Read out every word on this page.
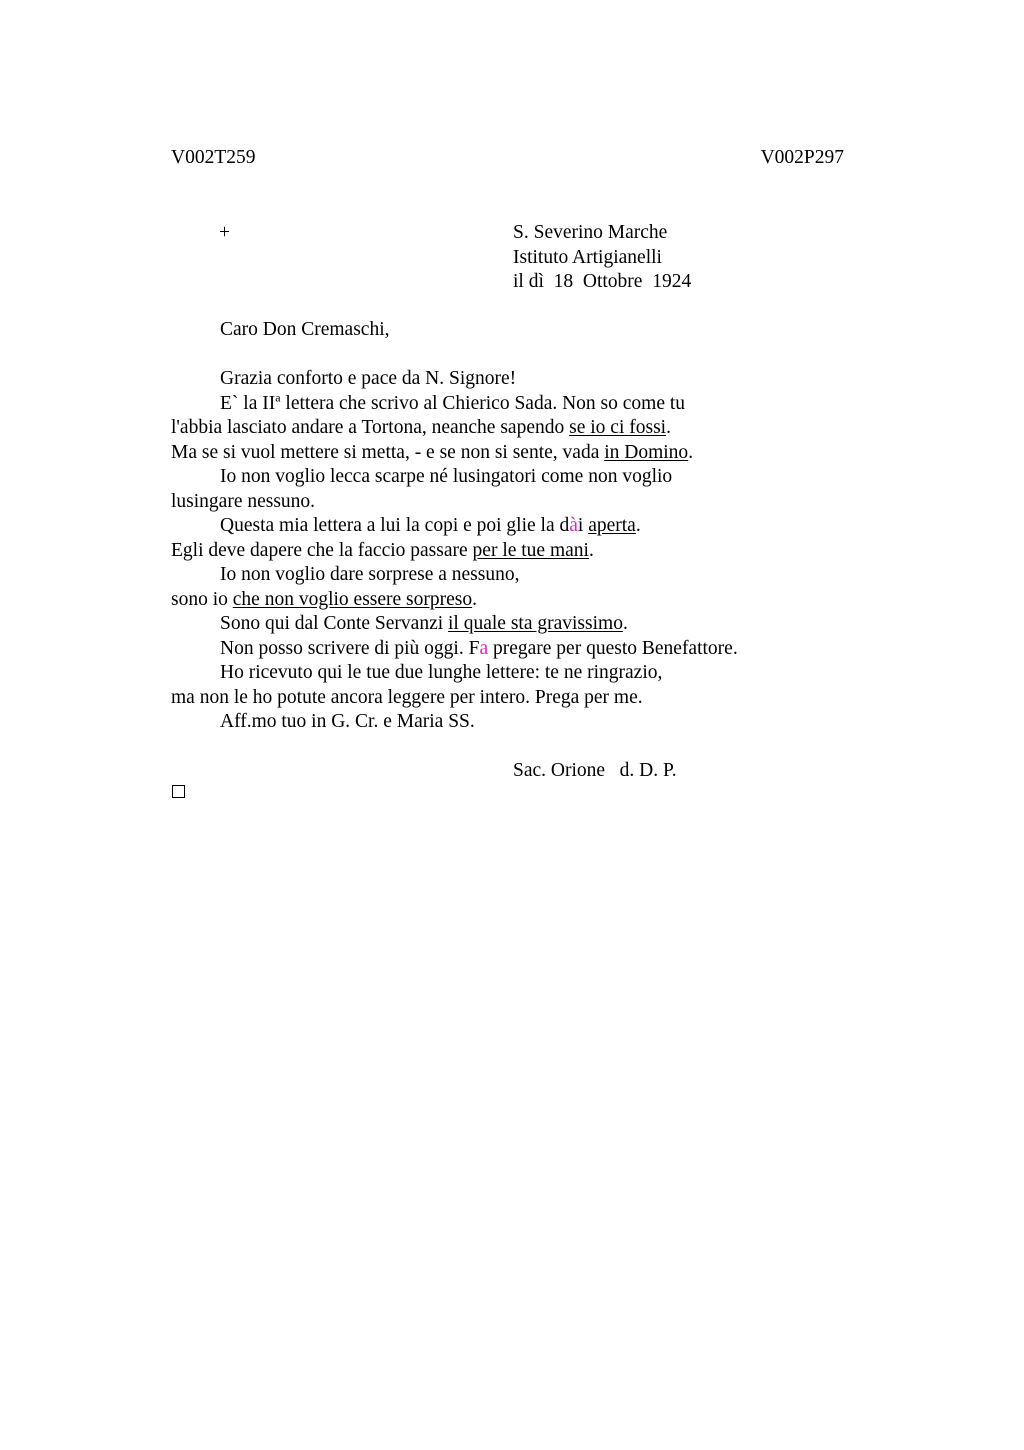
V002T259	V002P297
+	S. Severino Marche
Istituto Artigianelli
il dì  18  Ottobre  1924
Caro Don Cremaschi,
Grazia conforto e pace da N. Signore!
E` la $II^a$ lettera che scrivo al Chierico Sada. Non so come tu
l'abbia lasciato andare a Tortona, neanche sapendo se io ci fossi.
Ma se si vuol mettere si metta, - e se non si sente, vada in Domino.
Io non voglio lecca scarpe né lusingatori come non voglio
lusingare nessuno.
Questa mia lettera a lui la copi e poi glie la dài aperta.
Egli deve dapere che la faccio passare per le tue mani.
Io non voglio dare sorprese a nessuno,
sono io che non voglio essere sorpreso.
Sono qui dal Conte Servanzi il quale sta gravissimo.
Non posso scrivere di più oggi. Fa pregare per questo Benefattore.
Ho ricevuto qui le tue due lunghe lettere: te ne ringrazio,
ma non le ho potute ancora leggere per intero. Prega per me.
Aff.mo tuo in G. Cr. e Maria SS.
Sac. Orione   d. D. P.
